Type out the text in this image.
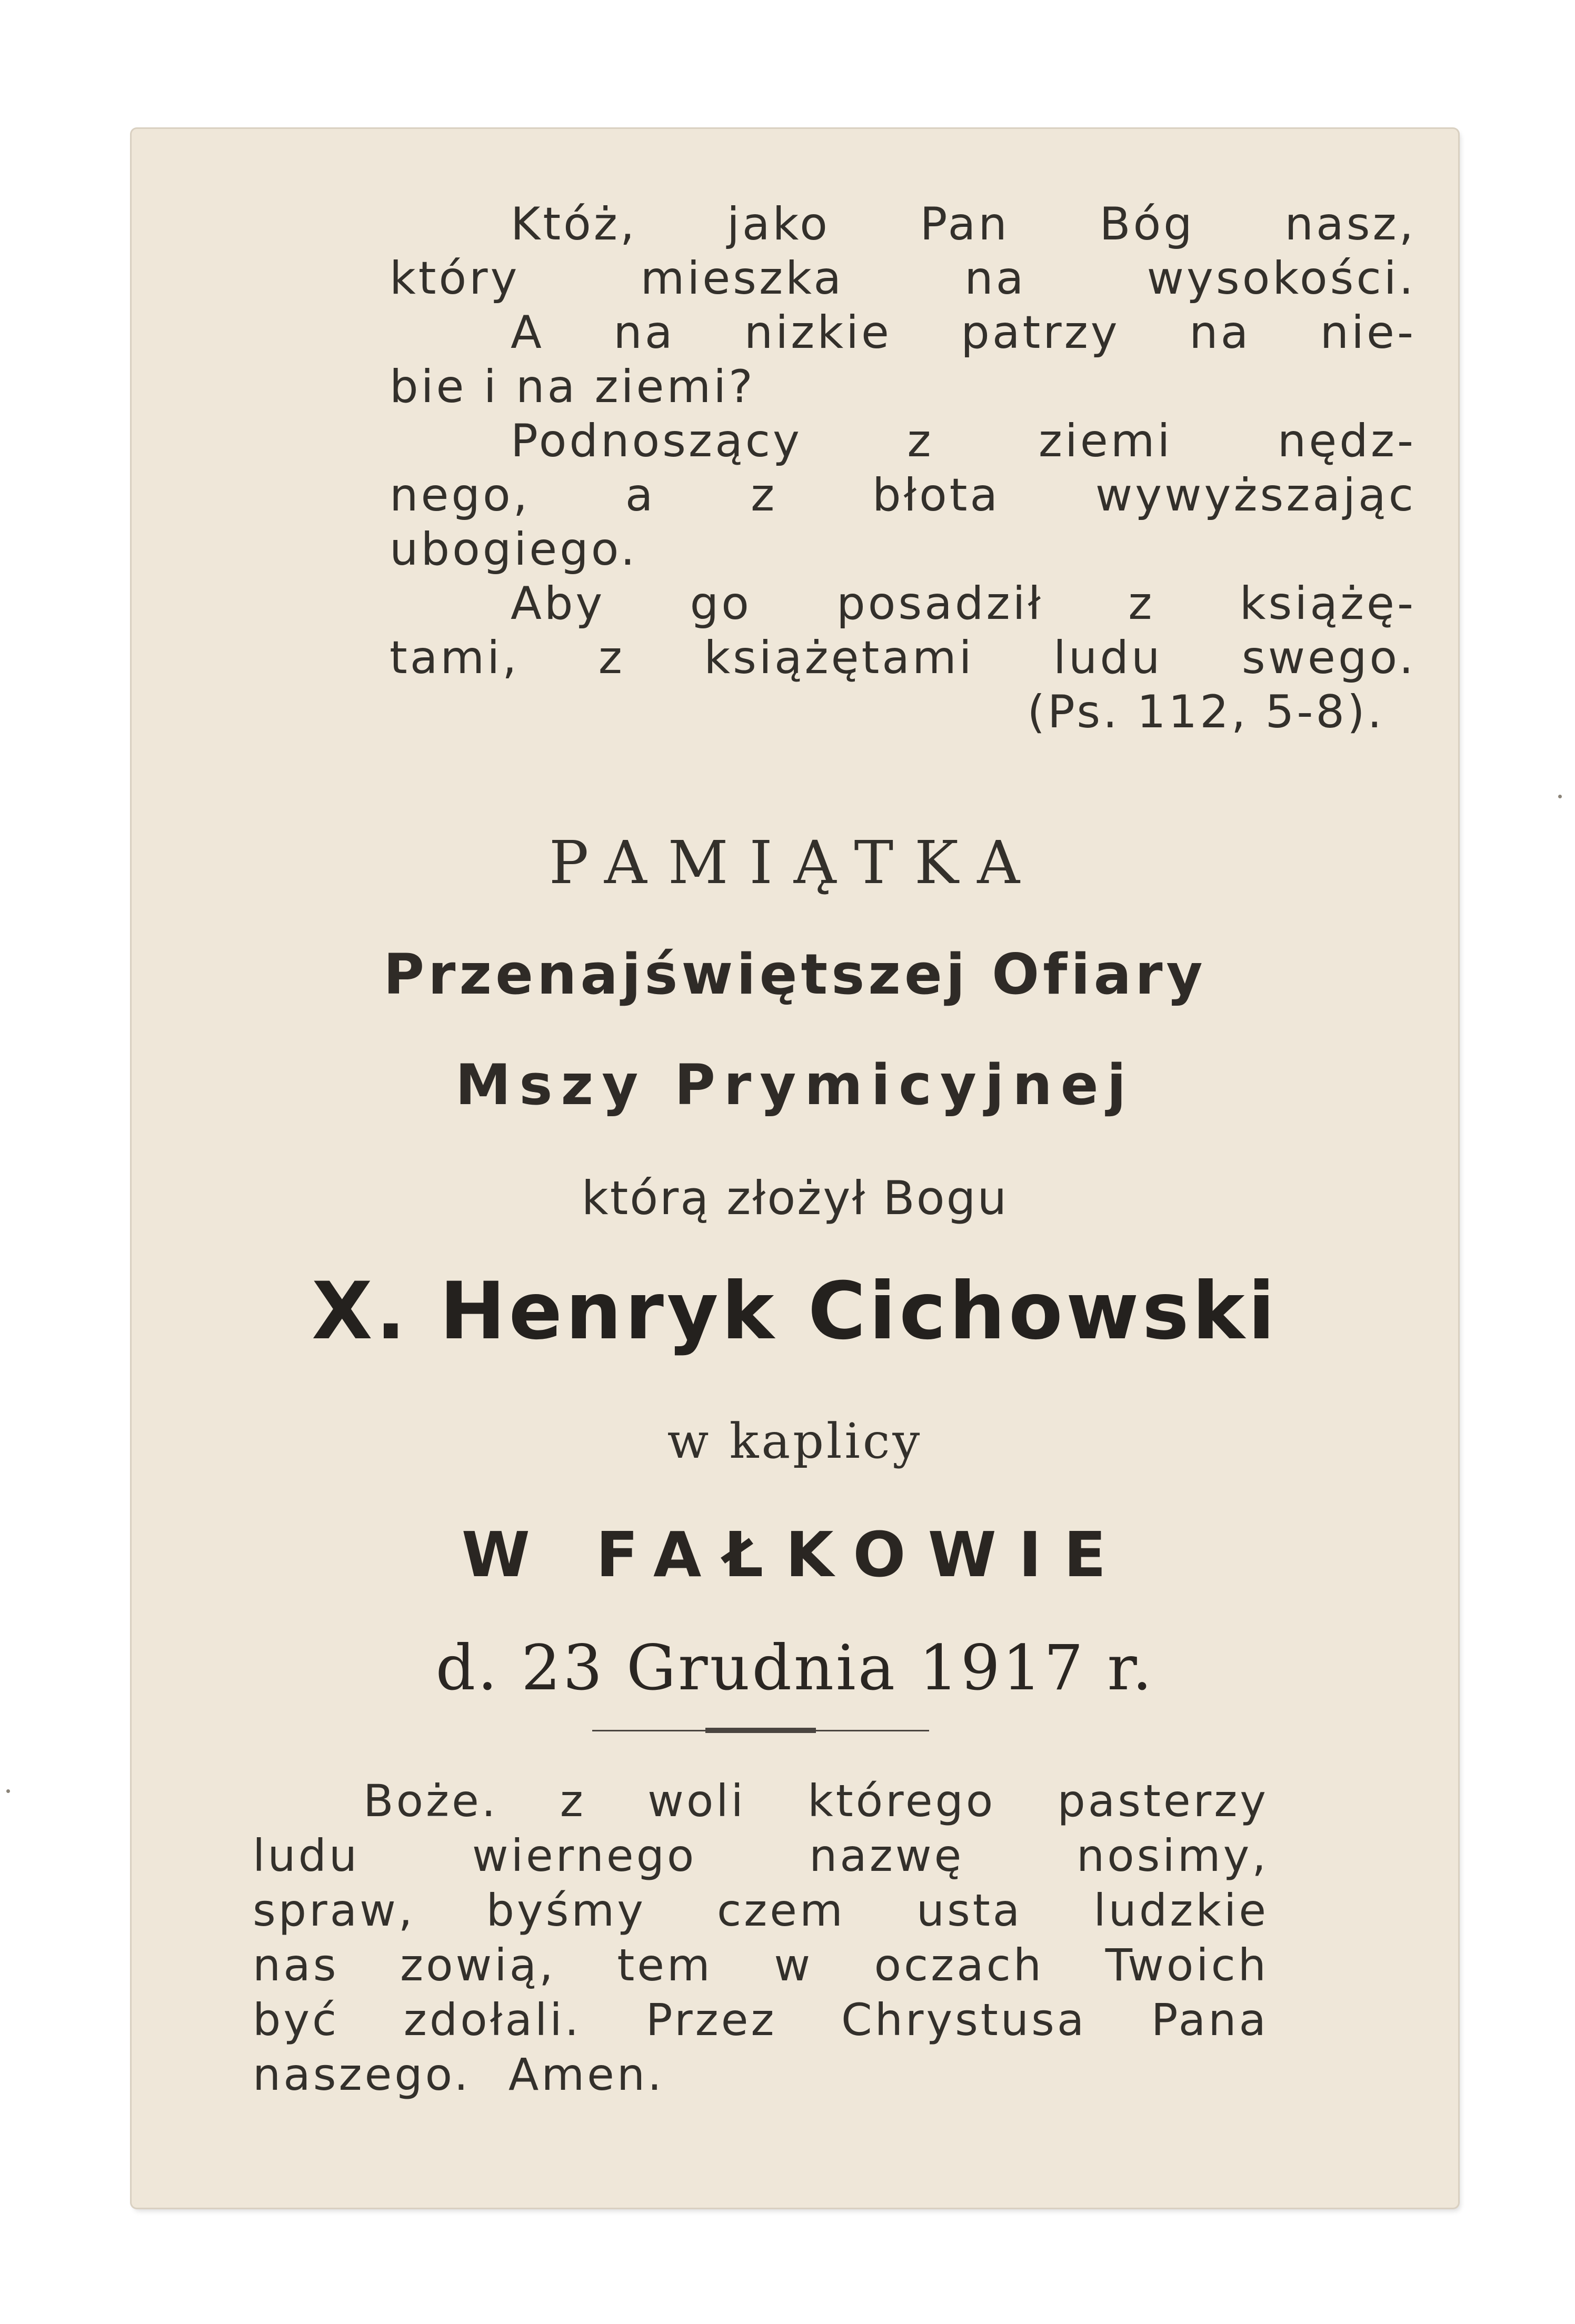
Któż, jako Pan Bóg nasz,
który mieszka na wysokości.
A na nizkie patrzy na nie-
bie i na ziemi?
Podnoszący z ziemi nędz-
nego, a z błota wywyższając
ubogiego.
Aby go posadził z książę-
tami, z książętami ludu swego.
(Ps. 112, 5-8).
PAMIĄTKA
Przenajświętszej Ofiary
Mszy Prymicyjnej
którą złożył Bogu
X. Henryk Cichowski
w kaplicy
W FAŁKOWIE
d. 23 Grudnia 1917 r.
Boże. z woli którego pasterzy
ludu wiernego nazwę nosimy,
spraw, byśmy czem usta ludzkie
nas zowią, tem w oczach Twoich
być zdołali. Przez Chrystusa Pana
naszego. Amen.
